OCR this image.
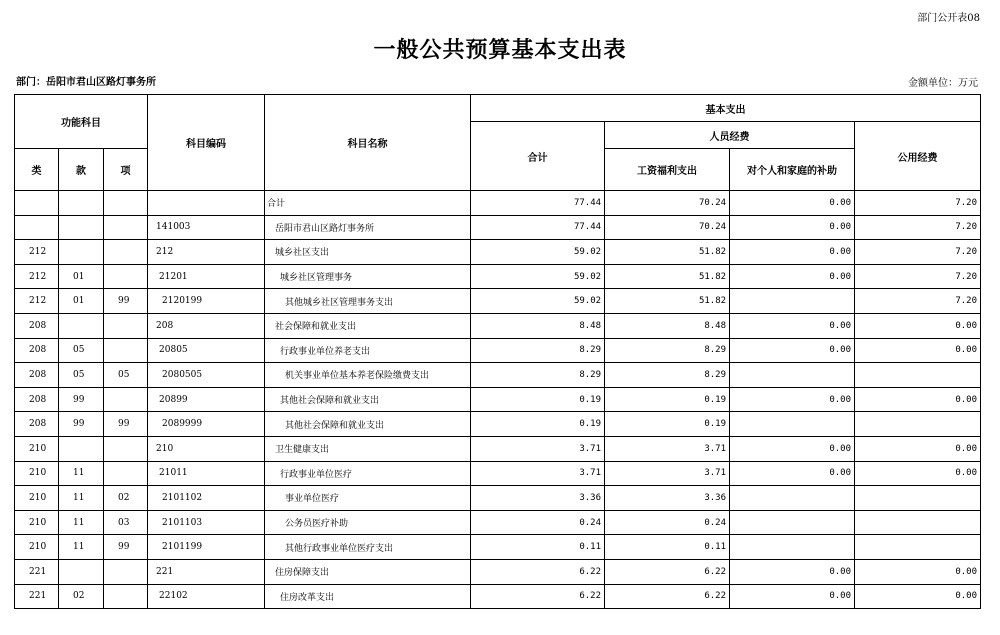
部门公开表08
一般公共预算基本支出表
部门：岳阳市君山区路灯事务所	金额单位：万元
功能科目			科目编码	科目名称	基本支出			
					合计	人员经费		公用经费
类	款	项				工资福利支出	对个人和家庭的补助	
				合计	77.44	70.24	0.00	7.20
			141003	岳阳市君山区路灯事务所	77.44	70.24	0.00	7.20
212			212	城乡社区支出	59.02	51.82	0.00	7.20
212	01		21201	城乡社区管理事务	59.02	51.82	0.00	7.20
212	01	99	2120199	其他城乡社区管理事务支出	59.02	51.82		7.20
208			208	社会保障和就业支出	8.48	8.48	0.00	0.00
208	05		20805	行政事业单位养老支出	8.29	8.29	0.00	0.00
208	05	05	2080505	机关事业单位基本养老保险缴费支出	8.29	8.29		
208	99		20899	其他社会保障和就业支出	0.19	0.19	0.00	0.00
208	99	99	2089999	其他社会保障和就业支出	0.19	0.19		
210			210	卫生健康支出	3.71	3.71	0.00	0.00
210	11		21011	行政事业单位医疗	3.71	3.71	0.00	0.00
210	11	02	2101102	事业单位医疗	3.36	3.36		
210	11	03	2101103	公务员医疗补助	0.24	0.24		
210	11	99	2101199	其他行政事业单位医疗支出	0.11	0.11		
221			221	住房保障支出	6.22	6.22	0.00	0.00
221	02		22102	住房改革支出	6.22	6.22	0.00	0.00
